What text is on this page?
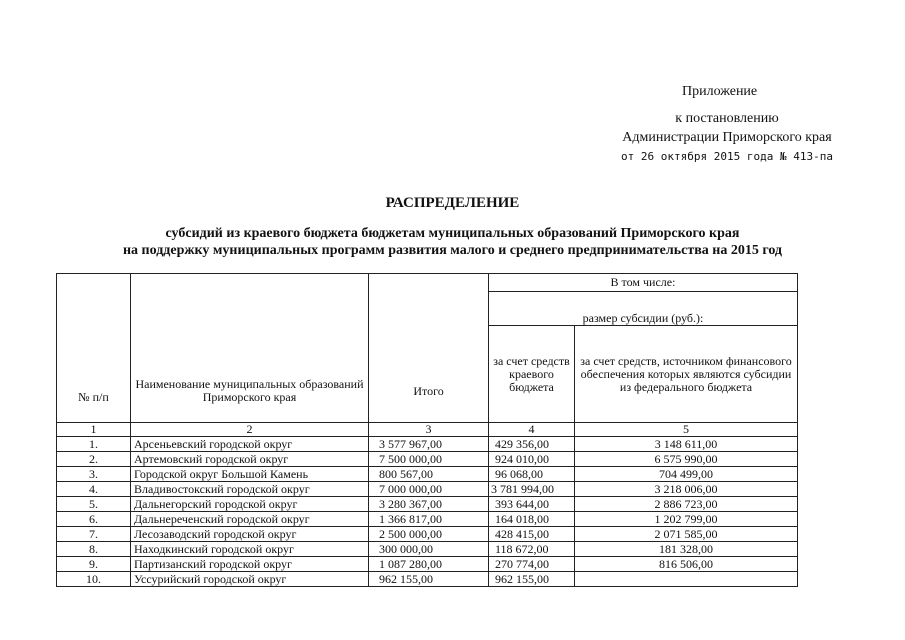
Приложение
к постановлению
Администрации Приморского края
от 26 октября 2015 года № 413-па
РАСПРЕДЕЛЕНИЕ
субсидий из краевого бюджета бюджетам муниципальных образований Приморского края
на поддержку муниципальных программ развития малого и среднего предпринимательства на 2015 год
№ п/п	Наименование муниципальных образований Приморского края	Итого	В том числе:	
			размер субсидии (руб.):	
			за счет средств краевого бюджета	за счет средств, источником финансового обеспечения которых являются субсидии из федерального бюджета
1	2	3	4	5
1.	Арсеньевский городской округ	3 577 967,00	429 356,00	3 148 611,00
2.	Артемовский городской округ	7 500 000,00	924 010,00	6 575 990,00
3.	Городской округ Большой Камень	800 567,00	96 068,00	704 499,00
4.	Владивостокский городской округ	7 000 000,00	3 781 994,00	3 218 006,00
5.	Дальнегорский городской округ	3 280 367,00	393 644,00	2 886 723,00
6.	Дальнереченский городской округ	1 366 817,00	164 018,00	1 202 799,00
7.	Лесозаводский городской округ	2 500 000,00	428 415,00	2 071 585,00
8.	Находкинский городской округ	300 000,00	118 672,00	181 328,00
9.	Партизанский городской округ	1 087 280,00	270 774,00	816 506,00
10.	Уссурийский городской округ	962 155,00	962 155,00	
